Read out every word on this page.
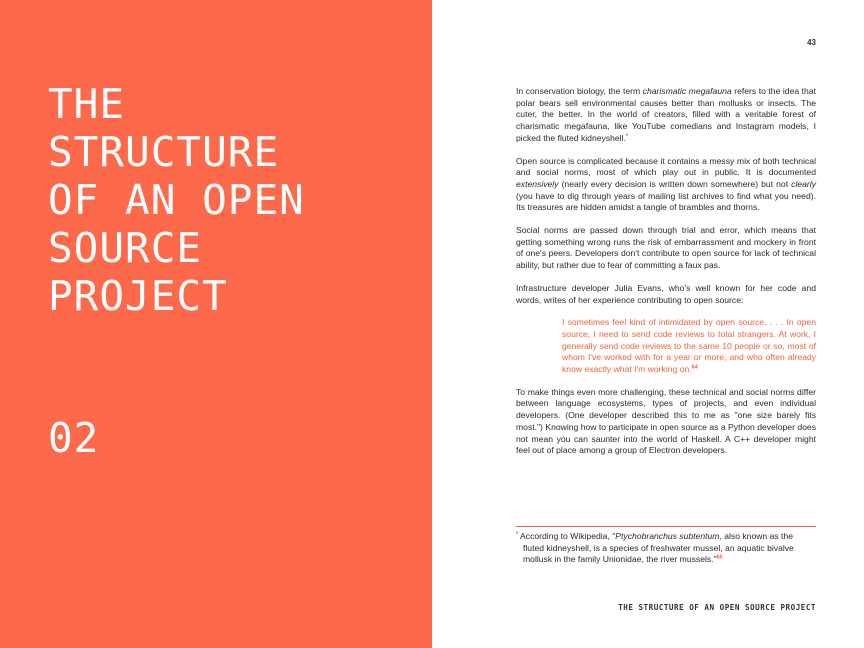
THE
STRUCTURE
OF AN OPEN
SOURCE
PROJECT
02
43

In conservation biology, the term charismatic megafauna refers to the idea that polar bears sell environmental causes better than mollusks or insects. The cuter, the better. In the world of creators, filled with a veritable forest of charismatic megafauna, like YouTube comedians and Instagram models, I picked the fluted kidneyshell.*

Open source is complicated because it contains a messy mix of both technical and social norms, most of which play out in public. It is documented extensively (nearly every decision is written down somewhere) but not clearly (you have to dig through years of mailing list archives to find what you need). Its treasures are hidden amidst a tangle of brambles and thorns.

Social norms are passed down through trial and error, which means that getting something wrong runs the risk of embarrassment and mockery in front of one's peers. Developers don't contribute to open source for lack of technical ability, but rather due to fear of committing a faux pas.

Infrastructure developer Julia Evans, who's well known for her code and words, writes of her experience contributing to open source:

I sometimes feel kind of intimidated by open source. . . . In open source, I need to send code reviews to total strangers. At work, I generally send code reviews to the same 10 people or so, most of whom I've worked with for a year or more, and who often already know exactly what I'm working on.$^{64}$

To make things even more challenging, these technical and social norms differ between language ecosystems, types of projects, and even individual developers. (One developer described this to me as "one size barely fits most.") Knowing how to participate in open source as a Python developer does not mean you can saunter into the world of Haskell. A C++ developer might feel out of place among a group of Electron developers.

* According to Wikipedia, "Ptychobranchus subtentum, also known as the fluted kidneyshell, is a species of freshwater mussel, an aquatic bivalve mollusk in the family Unionidae, the river mussels."$^{65}$
THE STRUCTURE OF AN OPEN SOURCE PROJECT
